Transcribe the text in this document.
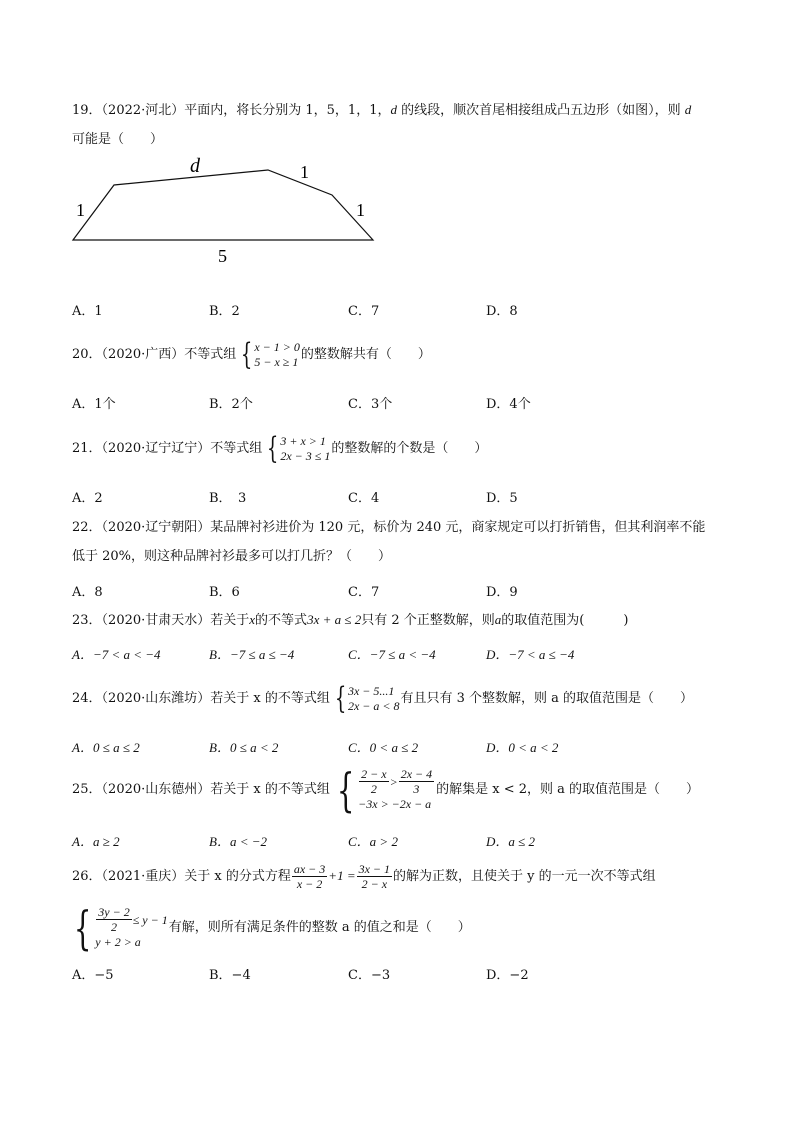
19．（2022·河北）平面内，将长分别为 1，5，1，1，d 的线段，顺次首尾相接组成凸五边形（如图），则 d
可能是（　　）
d
1
1
1
5
A．1	B．2	C．7	D．8
20．（2020·广西）不等式组 { x − 1 > 0
5 − x ≥ 1 的整数解共有（　　）
A．1个	B．2个	C．3个	D．4个
21．（2020·辽宁辽宁）不等式组 { 3 + x > 1
2x − 3 ≤ 1 的整数解的个数是（　　）
A．2	B．　3	C．4	D．5
22．（2020·辽宁朝阳）某品牌衬衫进价为 120 元，标价为 240 元，商家规定可以打折销售，但其利润率不能
低于 20%，则这种品牌衬衫最多可以打几折？（　　）
A．8	B．6	C．7	D．9
23．（2020·甘肃天水）若关于x的不等式3x + a ≤ 2只有 2 个正整数解，则a的取值范围为(　　　)
A．−7 < a < −4	B．−7 ≤ a ≤ −4	C．−7 ≤ a < −4	D．−7 < a ≤ −4
24．（2020·山东潍坊）若关于 x 的不等式组 { 3x − 5...1
2x − a < 8 有且只有 3 个整数解，则 a 的取值范围是（　　）
A．0 ≤ a ≤ 2	B．0 ≤ a < 2	C．0 < a ≤ 2	D．0 < a < 2
25．（2020·山东德州）若关于 x 的不等式组 { $\frac{2 - x}{2} > \frac{2x - 4}{3}$
−3x > −2x − a
的解集是 x < 2，则 a 的取值范围是（　　）
A．a ≥ 2	B．a < −2	C．a > 2	D．a ≤ 2
26．（2021·重庆）关于 x 的分式方程 $\frac{ax - 3}{x - 2} +1 = \frac{3x - 1}{2 - x}$ 的解为正数，且使关于 y 的一元一次不等式组
{ $\frac{3y - 2}{2} \le y - 1$
y + 2 > a
有解，则所有满足条件的整数 a 的值之和是（　　）
A．−5	B．−4	C．−3	D．−2
